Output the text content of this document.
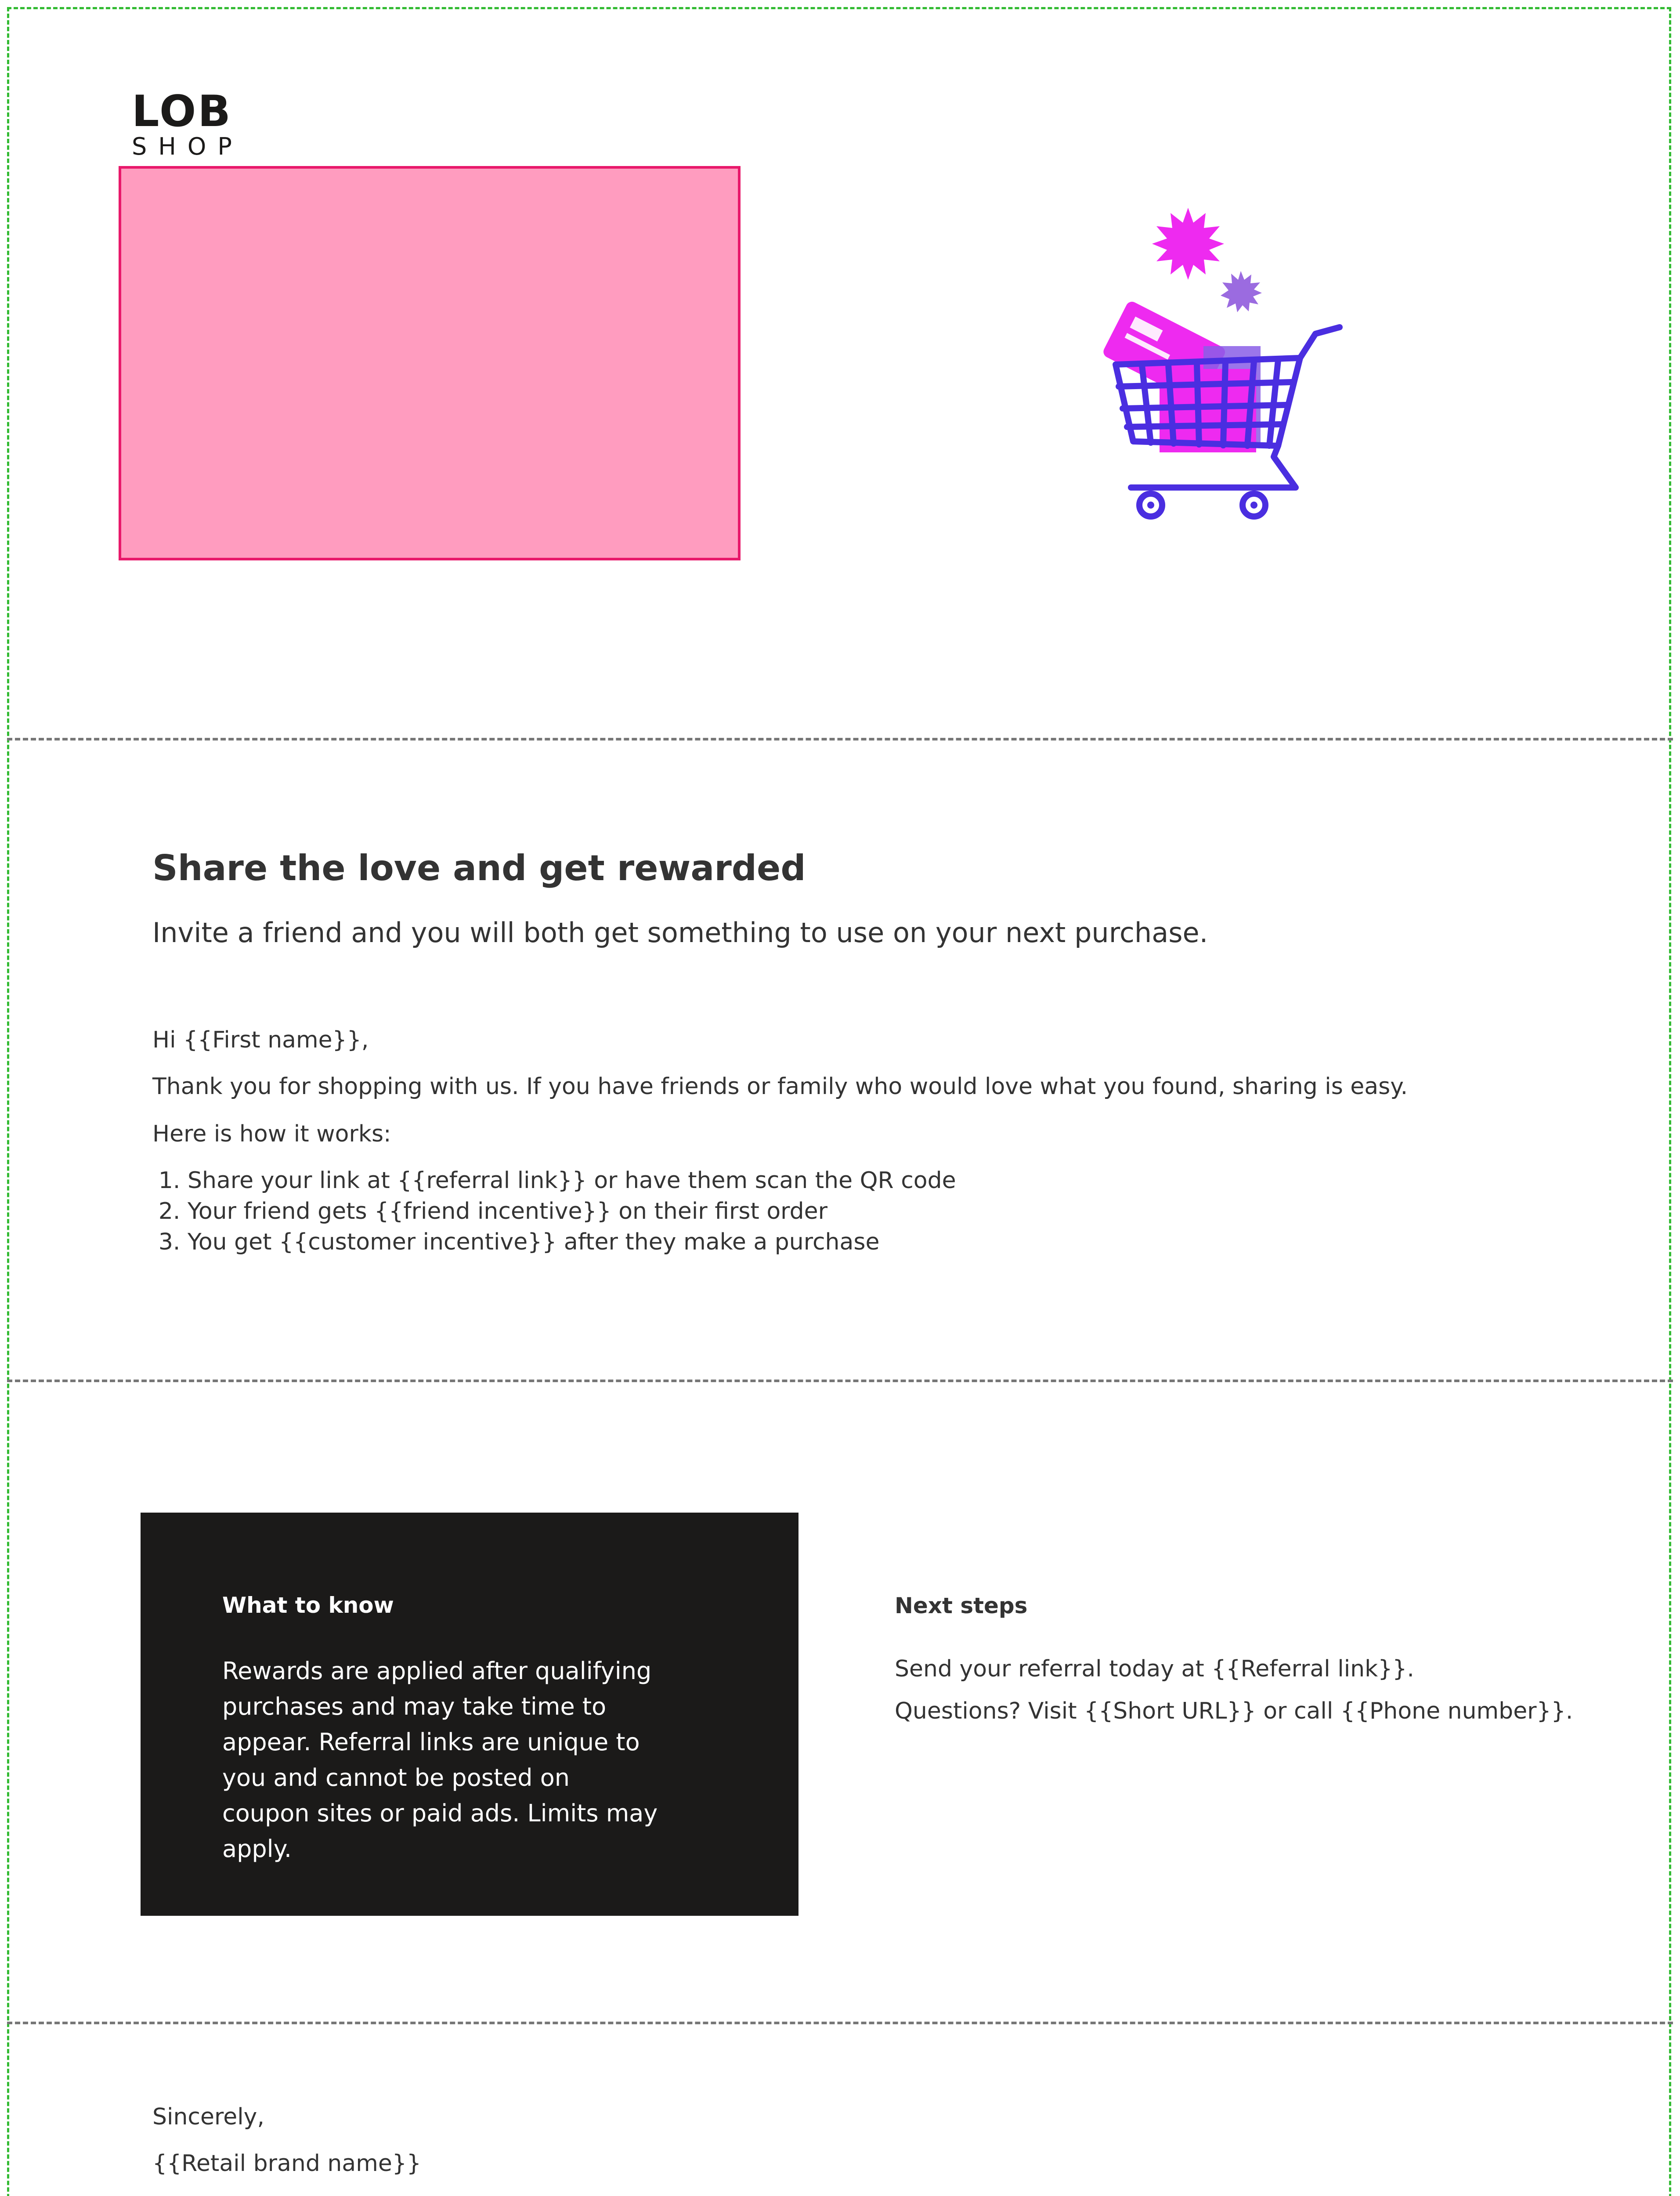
LOB
SHOP
Share the love and get rewarded
Invite a friend and you will both get something to use on your next purchase.
Hi {{First name}},
Thank you for shopping with us. If you have friends or family who would love what you found, sharing is easy.
Here is how it works:
1. Share your link at {{referral link}} or have them scan the QR code
2. Your friend gets {{friend incentive}} on their first order
3. You get {{customer incentive}} after they make a purchase
What to know
Rewards are applied after qualifying purchases and may take time to appear. Referral links are unique to you and cannot be posted on coupon sites or paid ads. Limits may apply.
Next steps
Send your referral today at {{Referral link}}.
Questions? Visit {{Short URL}} or call {{Phone number}}.
Sincerely,
{{Retail brand name}}
